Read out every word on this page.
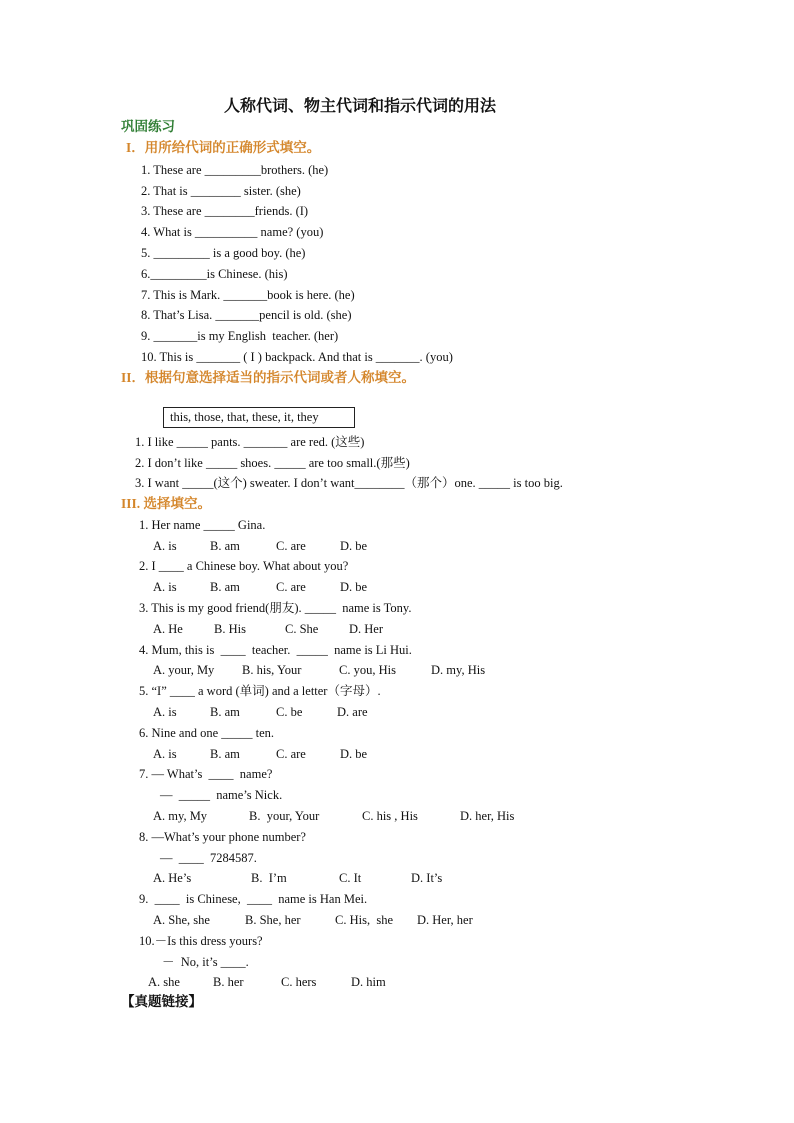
人称代词、物主代词和指示代词的用法
巩固练习
I．用所给代词的正确形式填空。
1. These are _________brothers. (he)
2. That is ________ sister. (she)
3. These are ________friends. (I)
4. What is __________ name? (you)
5. _________ is a good boy. (he)
6._________is Chinese. (his)
7. This is Mark. _______book is here. (he)
8. That’s Lisa. _______pencil is old. (she)
9. _______is my English  teacher. (her)
10. This is _______ ( I ) backpack. And that is _______. (you)
II．根据句意选择适当的指示代词或者人称填空。
this, those, that, these, it, they
1. I like _____ pants. _______ are red. (这些)
2. I don’t like _____ shoes. _____ are too small.(那些)
3. I want _____(这个) sweater. I don’t want________（那个）one. _____ is too big.
III. 选择填空。
1. Her name _____ Gina.
A. is	B. am	C. are	D. be
2. I ____ a Chinese boy. What about you?
A. is	B. am	C. are	D. be
3. This is my good friend(朋友). _____  name is Tony.
A. He B. His	C. She D. Her
4. Mum, this is  ____  teacher.  _____  name is Li Hui.
A. your, My B. his, Your	C. you, His	D. my, His
5. “I” ____ a word (单词) and a letter（字母）.
A. is	B. am	C. be	D. are
6. Nine and one _____ ten.
A. is	B. am	C. are	D. be
7. — What’s  ____  name?
—  _____  name’s Nick.
A. my, My	B.  your, Your	C. his , His	D. her, His
8. —What’s your phone number?
—  ____  7284587.
A. He’s	B.  I’m	C. It	D. It’s
9.  ____  is Chinese,  ____  name is Han Mei.
A. She, she	B. She, her	C. His,  she D. Her, her
10.－Is this dress yours?
－  No, it’s ____.
A. she	B. her	C. hers	D. him
【真题链接】
